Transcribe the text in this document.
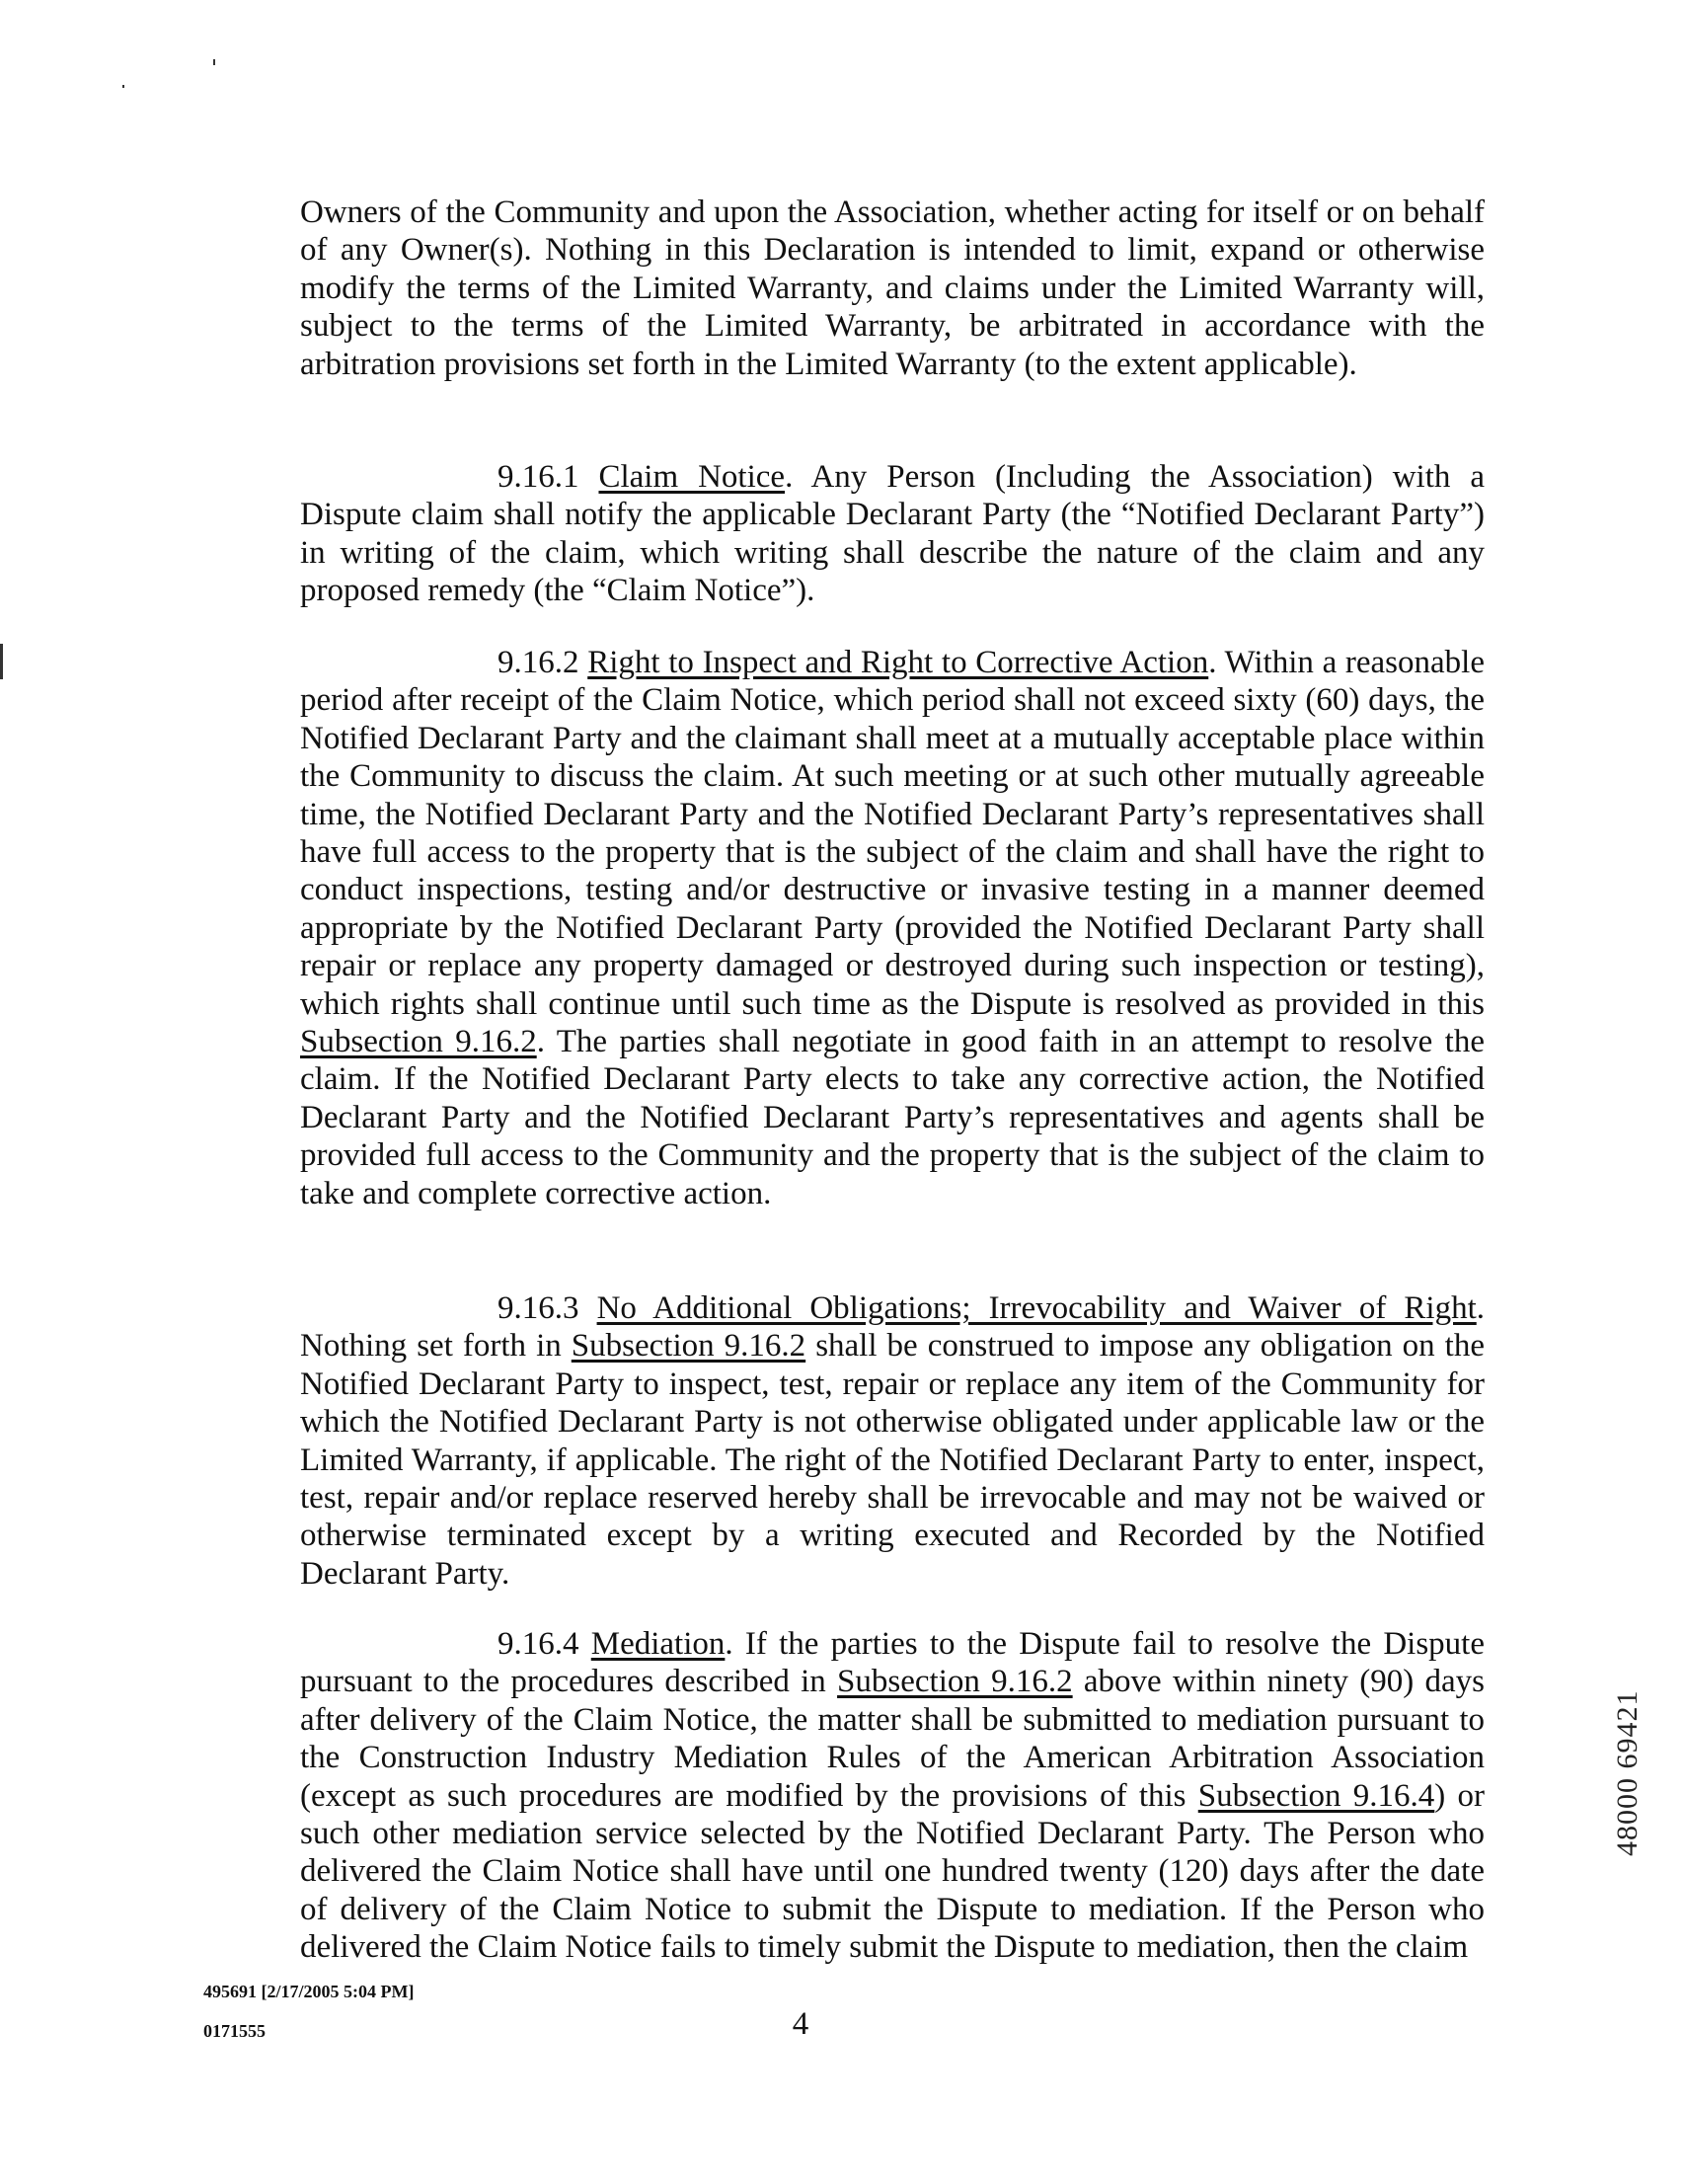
Owners of the Community and upon the Association, whether acting for itself or on behalf of any Owner(s). Nothing in this Declaration is intended to limit, expand or otherwise modify the terms of the Limited Warranty, and claims under the Limited Warranty will, subject to the terms of the Limited Warranty, be arbitrated in accordance with the arbitration provisions set forth in the Limited Warranty (to the extent applicable).

9.16.1 Claim Notice. Any Person (Including the Association) with a Dispute claim shall notify the applicable Declarant Party (the “Notified Declarant Party”) in writing of the claim, which writing shall describe the nature of the claim and any proposed remedy (the “Claim Notice”).

9.16.2 Right to Inspect and Right to Corrective Action. Within a reasonable period after receipt of the Claim Notice, which period shall not exceed sixty (60) days, the Notified Declarant Party and the claimant shall meet at a mutually acceptable place within the Community to discuss the claim. At such meeting or at such other mutually agreeable time, the Notified Declarant Party and the Notified Declarant Party’s representatives shall have full access to the property that is the subject of the claim and shall have the right to conduct inspections, testing and/or destructive or invasive testing in a manner deemed appropriate by the Notified Declarant Party (provided the Notified Declarant Party shall repair or replace any property damaged or destroyed during such inspection or testing), which rights shall continue until such time as the Dispute is resolved as provided in this Subsection 9.16.2. The parties shall negotiate in good faith in an attempt to resolve the claim. If the Notified Declarant Party elects to take any corrective action, the Notified Declarant Party and the Notified Declarant Party’s representatives and agents shall be provided full access to the Community and the property that is the subject of the claim to take and complete corrective action.

9.16.3 No Additional Obligations; Irrevocability and Waiver of Right. Nothing set forth in Subsection 9.16.2 shall be construed to impose any obligation on the Notified Declarant Party to inspect, test, repair or replace any item of the Community for which the Notified Declarant Party is not otherwise obligated under applicable law or the Limited Warranty, if applicable. The right of the Notified Declarant Party to enter, inspect, test, repair and/or replace reserved hereby shall be irrevocable and may not be waived or otherwise terminated except by a writing executed and Recorded by the Notified Declarant Party.

9.16.4 Mediation. If the parties to the Dispute fail to resolve the Dispute pursuant to the procedures described in Subsection 9.16.2 above within ninety (90) days after delivery of the Claim Notice, the matter shall be submitted to mediation pursuant to the Construction Industry Mediation Rules of the American Arbitration Association (except as such procedures are modified by the provisions of this Subsection 9.16.4) or such other mediation service selected by the Notified Declarant Party. The Person who delivered the Claim Notice shall have until one hundred twenty (120) days after the date of delivery of the Claim Notice to submit the Dispute to mediation. If the Person who delivered the Claim Notice fails to timely submit the Dispute to mediation, then the claim

495691 [2/17/2005 5:04 PM]
0171555	4
48000 69421
